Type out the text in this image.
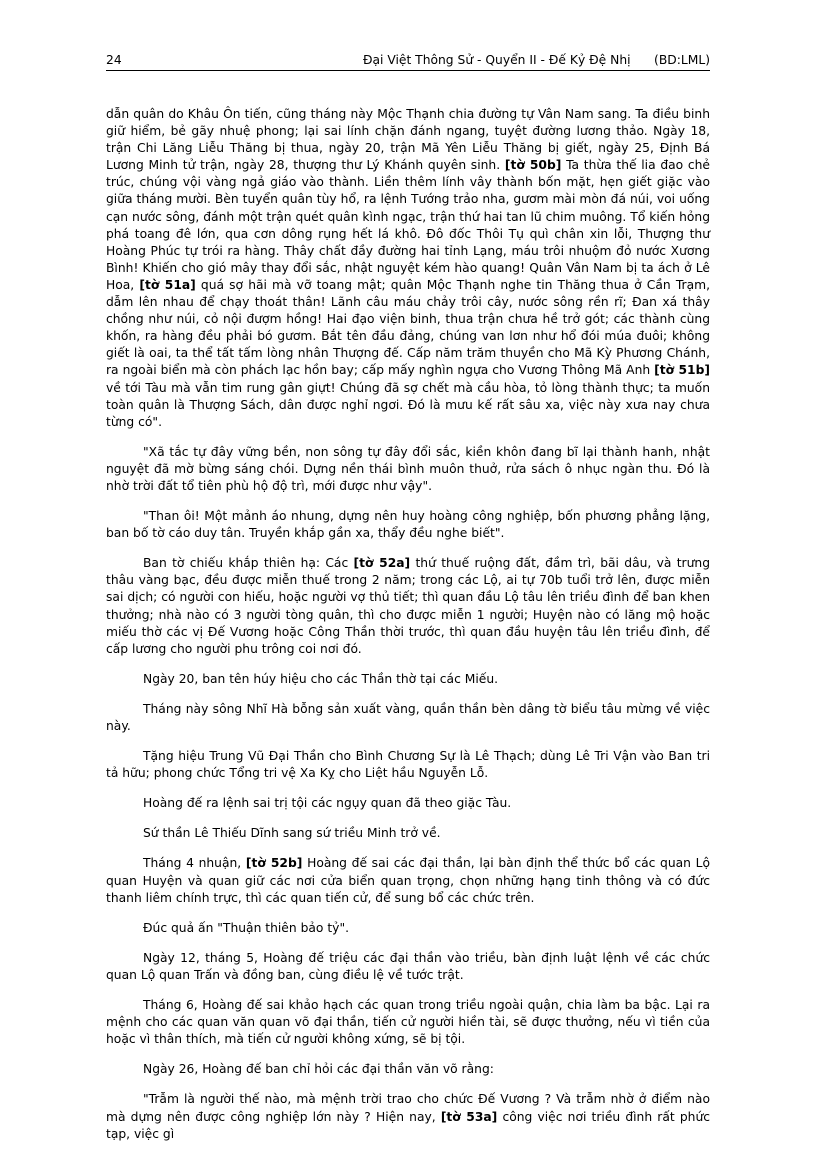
24	Đại Việt Thông Sử - Quyển II - Đế Kỷ Đệ Nhị (BD:LML)

dẫn quân do Khâu Ôn tiến, cũng tháng này Mộc Thạnh chia đường tự Vân Nam sang. Ta điều binh giữ hiểm, bẻ gãy nhuệ phong; lại sai lính chặn đánh ngang, tuyệt đường lương thảo. Ngày 18, trận Chi Lăng Liễu Thăng bị thua, ngày 20, trận Mã Yên Liễu Thăng bị giết, ngày 25, Định Bá Lương Minh tử trận, ngày 28, thượng thư Lý Khánh quyên sinh. [tờ 50b] Ta thừa thế lia đao chẻ trúc, chúng vội vàng ngả giáo vào thành. Liền thêm lính vây thành bốn mặt, hẹn giết giặc vào giữa tháng mười. Bèn tuyển quân tùy hổ, ra lệnh Tướng trảo nha, gươm mài mòn đá núi, voi uống cạn nước sông, đánh một trận quét quân kình ngạc, trận thứ hai tan lũ chim muông. Tổ kiến hỏng phá toang đê lớn, qua cơn dông rụng hết lá khô. Đô đốc Thôi Tụ quì chân xin lỗi, Thượng thư Hoàng Phúc tự trói ra hàng. Thây chất đầy đường hai tỉnh Lạng, máu trôi nhuộm đỏ nước Xương Bình! Khiến cho gió mây thay đổi sắc, nhật nguyệt kém hào quang! Quân Vân Nam bị ta ách ở Lê Hoa, [tờ 51a] quá sợ hãi mà vỡ toang mật; quân Mộc Thạnh nghe tin Thăng thua ở Cần Trạm, dẫm lên nhau để chạy thoát thân! Lãnh câu máu chảy trôi cây, nước sông rền rĩ; Đan xá thây chồng như núi, cỏ nội đượm hồng! Hai đạo viện binh, thua trận chưa hề trở gót; các thành cùng khốn, ra hàng đều phải bó gươm. Bắt tên đầu đảng, chúng van lơn như hổ đói múa đuôi; không giết là oai, ta thể tất tấm lòng nhân Thượng đế. Cấp năm trăm thuyền cho Mã Kỳ Phương Chánh, ra ngoài biển mà còn phách lạc hồn bay; cấp mấy nghìn ngựa cho Vương Thông Mã Anh [tờ 51b] về tới Tàu mà vẫn tim rung gân giựt! Chúng đã sợ chết mà cầu hòa, tỏ lòng thành thực; ta muốn toàn quân là Thượng Sách, dân được nghỉ ngơi. Đó là mưu kế rất sâu xa, việc này xưa nay chưa từng có".

"Xã tắc tự đây vững bền, non sông tự đây đổi sắc, kiền khôn đang bĩ lại thành hanh, nhật nguyệt đã mờ bừng sáng chói. Dựng nền thái bình muôn thuở, rửa sách ô nhục ngàn thu. Đó là nhờ trời đất tổ tiên phù hộ độ trì, mới được như vậy".

"Than ôi! Một mảnh áo nhung, dựng nên huy hoàng công nghiệp, bốn phương phẳng lặng, ban bố tờ cáo duy tân. Truyền khắp gần xa, thẩy đều nghe biết".

Ban tờ chiếu khắp thiên hạ: Các [tờ 52a] thứ thuế ruộng đất, đầm trì, bãi dâu, và trưng thâu vàng bạc, đều được miễn thuế trong 2 năm; trong các Lộ, ai tự 70b tuổi trở lên, được miễn sai dịch; có người con hiếu, hoặc người vợ thủ tiết; thì quan đầu Lộ tâu lên triều đình để ban khen thưởng; nhà nào có 3 người tòng quân, thì cho được miễn 1 người; Huyện nào có lăng mộ hoặc miếu thờ các vị Đế Vương hoặc Công Thần thời trước, thì quan đầu huyện tâu lên triều đình, để cấp lương cho người phu trông coi nơi đó.

Ngày 20, ban tên húy hiệu cho các Thần thờ tại các Miếu.

Tháng này sông Nhĩ Hà bỗng sản xuất vàng, quần thần bèn dâng tờ biểu tâu mừng về việc này.

Tặng hiệu Trung Vũ Đại Thần cho Bình Chương Sự là Lê Thạch; dùng Lê Tri Vận vào Ban tri tả hữu; phong chức Tổng tri vệ Xa Kỵ cho Liệt hầu Nguyễn Lỗ.

Hoàng đế ra lệnh sai trị tội các ngụy quan đã theo giặc Tàu.

Sứ thần Lê Thiếu Dĩnh sang sứ triều Minh trở về.

Tháng 4 nhuận, [tờ 52b] Hoàng đế sai các đại thần, lại bàn định thể thức bổ các quan Lộ quan Huyện và quan giữ các nơi cửa biển quan trọng, chọn những hạng tinh thông và có đức thanh liêm chính trực, thì các quan tiến cử, để sung bổ các chức trên.

Đúc quả ấn "Thuận thiên bảo tỷ".

Ngày 12, tháng 5, Hoàng đế triệu các đại thần vào triều, bàn định luật lệnh về các chức quan Lộ quan Trấn và đồng ban, cùng điều lệ về tước trật.

Tháng 6, Hoàng đế sai khảo hạch các quan trong triều ngoài quận, chia làm ba bậc. Lại ra mệnh cho các quan văn quan võ đại thần, tiến cử người hiền tài, sẽ được thưởng, nếu vì tiền của hoặc vì thân thích, mà tiến cử người không xứng, sẽ bị tội.

Ngày 26, Hoàng đế ban chỉ hỏi các đại thần văn võ rằng:

"Trẫm là người thế nào, mà mệnh trời trao cho chức Đế Vương ? Và trẫm nhờ ở điểm nào mà dựng nên được công nghiệp lớn này ? Hiện nay, [tờ 53a] công việc nơi triều đình rất phức tạp, việc gì
